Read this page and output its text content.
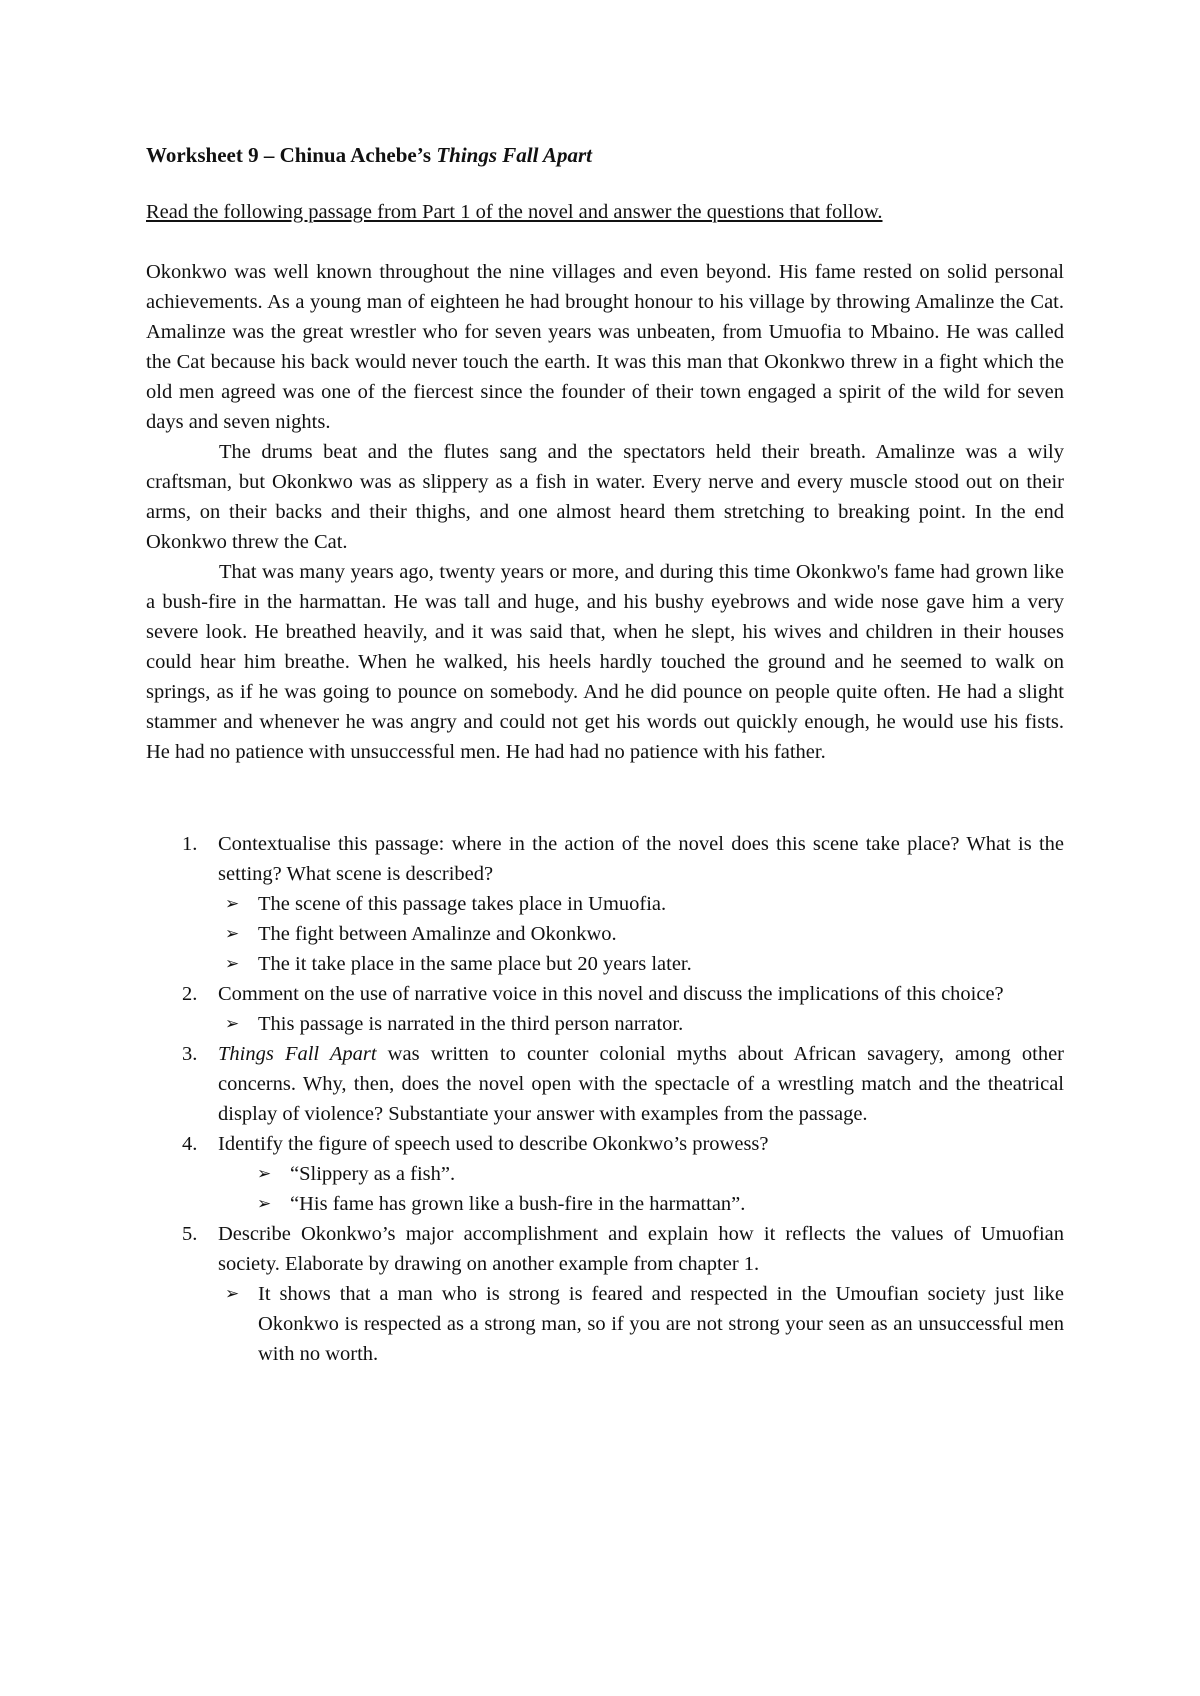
Worksheet 9 – Chinua Achebe’s Things Fall Apart

Read the following passage from Part 1 of the novel and answer the questions that follow.

Okonkwo was well known throughout the nine villages and even beyond. His fame rested on solid personal achievements. As a young man of eighteen he had brought honour to his village by throwing Amalinze the Cat. Amalinze was the great wrestler who for seven years was unbeaten, from Umuofia to Mbaino. He was called the Cat because his back would never touch the earth. It was this man that Okonkwo threw in a fight which the old men agreed was one of the fiercest since the founder of their town engaged a spirit of the wild for seven days and seven nights.

The drums beat and the flutes sang and the spectators held their breath. Amalinze was a wily craftsman, but Okonkwo was as slippery as a fish in water. Every nerve and every muscle stood out on their arms, on their backs and their thighs, and one almost heard them stretching to breaking point. In the end Okonkwo threw the Cat.

That was many years ago, twenty years or more, and during this time Okonkwo's fame had grown like a bush-fire in the harmattan. He was tall and huge, and his bushy eyebrows and wide nose gave him a very severe look. He breathed heavily, and it was said that, when he slept, his wives and children in their houses could hear him breathe. When he walked, his heels hardly touched the ground and he seemed to walk on springs, as if he was going to pounce on somebody. And he did pounce on people quite often. He had a slight stammer and whenever he was angry and could not get his words out quickly enough, he would use his fists. He had no patience with unsuccessful men. He had had no patience with his father.

1. Contextualise this passage: where in the action of the novel does this scene take place? What is the setting? What scene is described?
➢ The scene of this passage takes place in Umuofia.
➢ The fight between Amalinze and Okonkwo.
➢ The it take place in the same place but 20 years later.
2. Comment on the use of narrative voice in this novel and discuss the implications of this choice?
➢ This passage is narrated in the third person narrator.
3. Things Fall Apart was written to counter colonial myths about African savagery, among other concerns. Why, then, does the novel open with the spectacle of a wrestling match and the theatrical display of violence? Substantiate your answer with examples from the passage.
4. Identify the figure of speech used to describe Okonkwo’s prowess?
➢ “Slippery as a fish”.
➢ “His fame has grown like a bush-fire in the harmattan”.
5. Describe Okonkwo’s major accomplishment and explain how it reflects the values of Umuofian society. Elaborate by drawing on another example from chapter 1.
➢ It shows that a man who is strong is feared and respected in the Umoufian society just like Okonkwo is respected as a strong man, so if you are not strong your seen as an unsuccessful men with no worth.
